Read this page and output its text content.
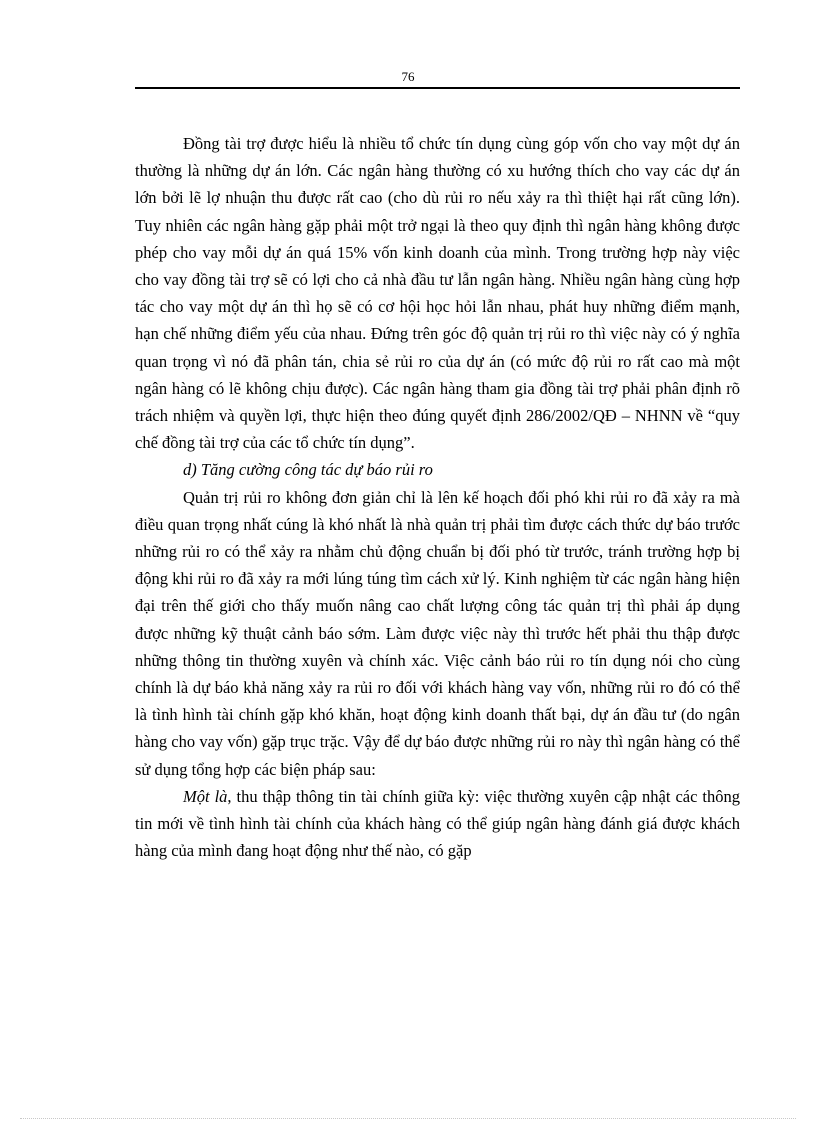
76

Đồng tài trợ được hiểu là nhiều tổ chức tín dụng cùng góp vốn cho vay một dự án thường là những dự án lớn. Các ngân hàng thường có xu hướng thích cho vay các dự án lớn bởi lẽ lợ nhuận thu được rất cao (cho dù rủi ro nếu xảy ra thì thiệt hại rất cũng lớn). Tuy nhiên các ngân hàng gặp phải một trở ngại là theo quy định thì ngân hàng không được phép cho vay mỗi dự án quá 15% vốn kinh doanh của mình. Trong trường hợp này việc cho vay đồng tài trợ sẽ có lợi cho cả nhà đầu tư lẫn ngân hàng. Nhiều ngân hàng cùng hợp tác cho vay một dự án thì họ sẽ có cơ hội học hỏi lẫn nhau, phát huy những điểm mạnh, hạn chế những điểm yếu của nhau. Đứng trên góc độ quản trị rủi ro thì việc này có ý nghĩa quan trọng vì nó đã phân tán, chia sẻ rủi ro của dự án (có mức độ rủi ro rất cao mà một ngân hàng có lẽ không chịu được). Các ngân hàng tham gia đồng tài trợ phải phân định rõ trách nhiệm và quyền lợi, thực hiện theo đúng quyết định 286/2002/QĐ – NHNN về “quy chế đồng tài trợ của các tổ chức tín dụng”.

d) Tăng cường công tác dự báo rủi ro

Quản trị rủi ro không đơn giản chỉ là lên kế hoạch đối phó khi rủi ro đã xảy ra mà điều quan trọng nhất cúng là khó nhất là nhà quản trị phải tìm được cách thức dự báo trước những rủi ro có thể xảy ra nhằm chủ động chuẩn bị đối phó từ trước, tránh trường hợp bị động khi rủi ro đã xảy ra mới lúng túng tìm cách xử lý. Kinh nghiệm từ các ngân hàng hiện đại trên thế giới cho thấy muốn nâng cao chất lượng công tác quản trị thì phải áp dụng được những kỹ thuật cảnh báo sớm. Làm được việc này thì trước hết phải thu thập được những thông tin thường xuyên và chính xác. Việc cảnh báo rủi ro tín dụng nói cho cùng chính là dự báo khả năng xảy ra rủi ro đối với khách hàng vay vốn, những rủi ro đó có thể là tình hình tài chính gặp khó khăn, hoạt động kinh doanh thất bại, dự án đầu tư (do ngân hàng cho vay vốn) gặp trục trặc. Vậy để dự báo được những rủi ro này thì ngân hàng có thể sử dụng tổng hợp các biện pháp sau:

Một là, thu thập thông tin tài chính giữa kỳ: việc thường xuyên cập nhật các thông tin mới về tình hình tài chính của khách hàng có thể giúp ngân hàng đánh giá được khách hàng của mình đang hoạt động như thế nào, có gặp
